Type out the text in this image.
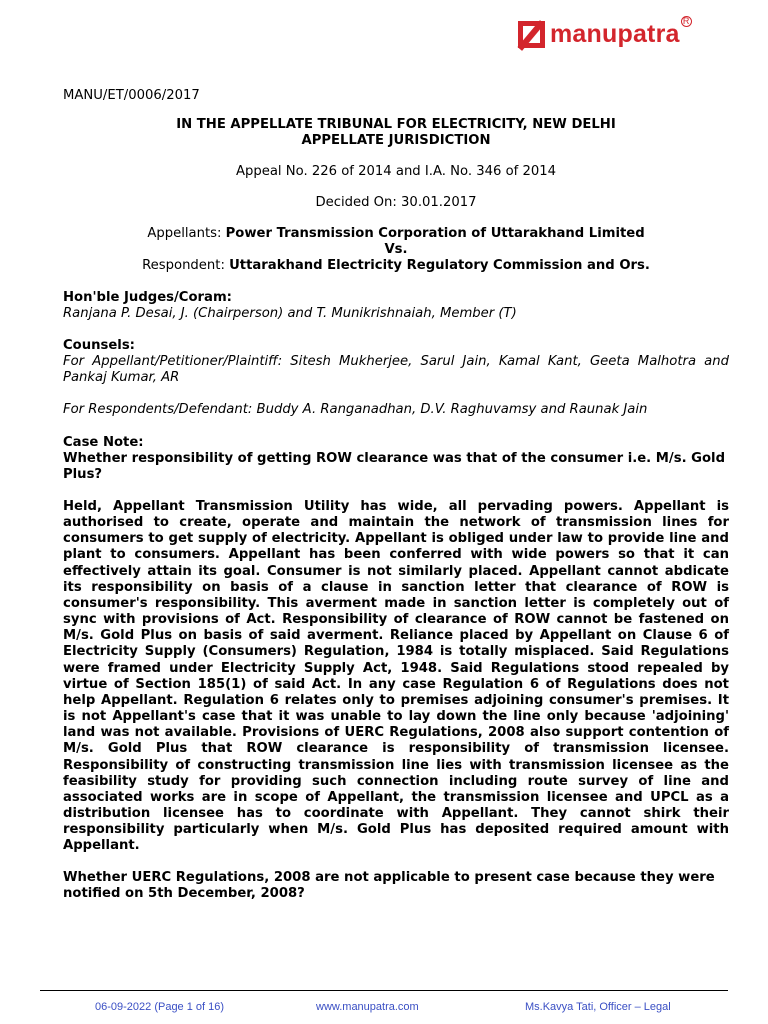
manupatra R
MANU/ET/0006/2017
IN THE APPELLATE TRIBUNAL FOR ELECTRICITY, NEW DELHI
APPELLATE JURISDICTION
Appeal No. 226 of 2014 and I.A. No. 346 of 2014
Decided On: 30.01.2017
Appellants: Power Transmission Corporation of Uttarakhand Limited
Vs.
Respondent: Uttarakhand Electricity Regulatory Commission and Ors.
Hon'ble Judges/Coram:
Ranjana P. Desai, J. (Chairperson) and T. Munikrishnaiah, Member (T)
Counsels:
For Appellant/Petitioner/Plaintiff: Sitesh Mukherjee, Sarul Jain, Kamal Kant, Geeta Malhotra and Pankaj Kumar, AR
For Respondents/Defendant: Buddy A. Ranganadhan, D.V. Raghuvamsy and Raunak Jain
Case Note:
Whether responsibility of getting ROW clearance was that of the consumer i.e. M/s. Gold Plus?
Held, Appellant Transmission Utility has wide, all pervading powers. Appellant is authorised to create, operate and maintain the network of transmission lines for consumers to get supply of electricity. Appellant is obliged under law to provide line and plant to consumers. Appellant has been conferred with wide powers so that it can effectively attain its goal. Consumer is not similarly placed. Appellant cannot abdicate its responsibility on basis of a clause in sanction letter that clearance of ROW is consumer's responsibility. This averment made in sanction letter is completely out of sync with provisions of Act. Responsibility of clearance of ROW cannot be fastened on M/s. Gold Plus on basis of said averment. Reliance placed by Appellant on Clause 6 of Electricity Supply (Consumers) Regulation, 1984 is totally misplaced. Said Regulations were framed under Electricity Supply Act, 1948. Said Regulations stood repealed by virtue of Section 185(1) of said Act. In any case Regulation 6 of Regulations does not help Appellant. Regulation 6 relates only to premises adjoining consumer's premises. It is not Appellant's case that it was unable to lay down the line only because 'adjoining' land was not available. Provisions of UERC Regulations, 2008 also support contention of M/s. Gold Plus that ROW clearance is responsibility of transmission licensee. Responsibility of constructing transmission line lies with transmission licensee as the feasibility study for providing such connection including route survey of line and associated works are in scope of Appellant, the transmission licensee and UPCL as a distribution licensee has to coordinate with Appellant. They cannot shirk their responsibility particularly when M/s. Gold Plus has deposited required amount with Appellant.
Whether UERC Regulations, 2008 are not applicable to present case because they were notified on 5th December, 2008?
06-09-2022 (Page 1 of 16)	www.manupatra.com	Ms.Kavya Tati, Officer – Legal
